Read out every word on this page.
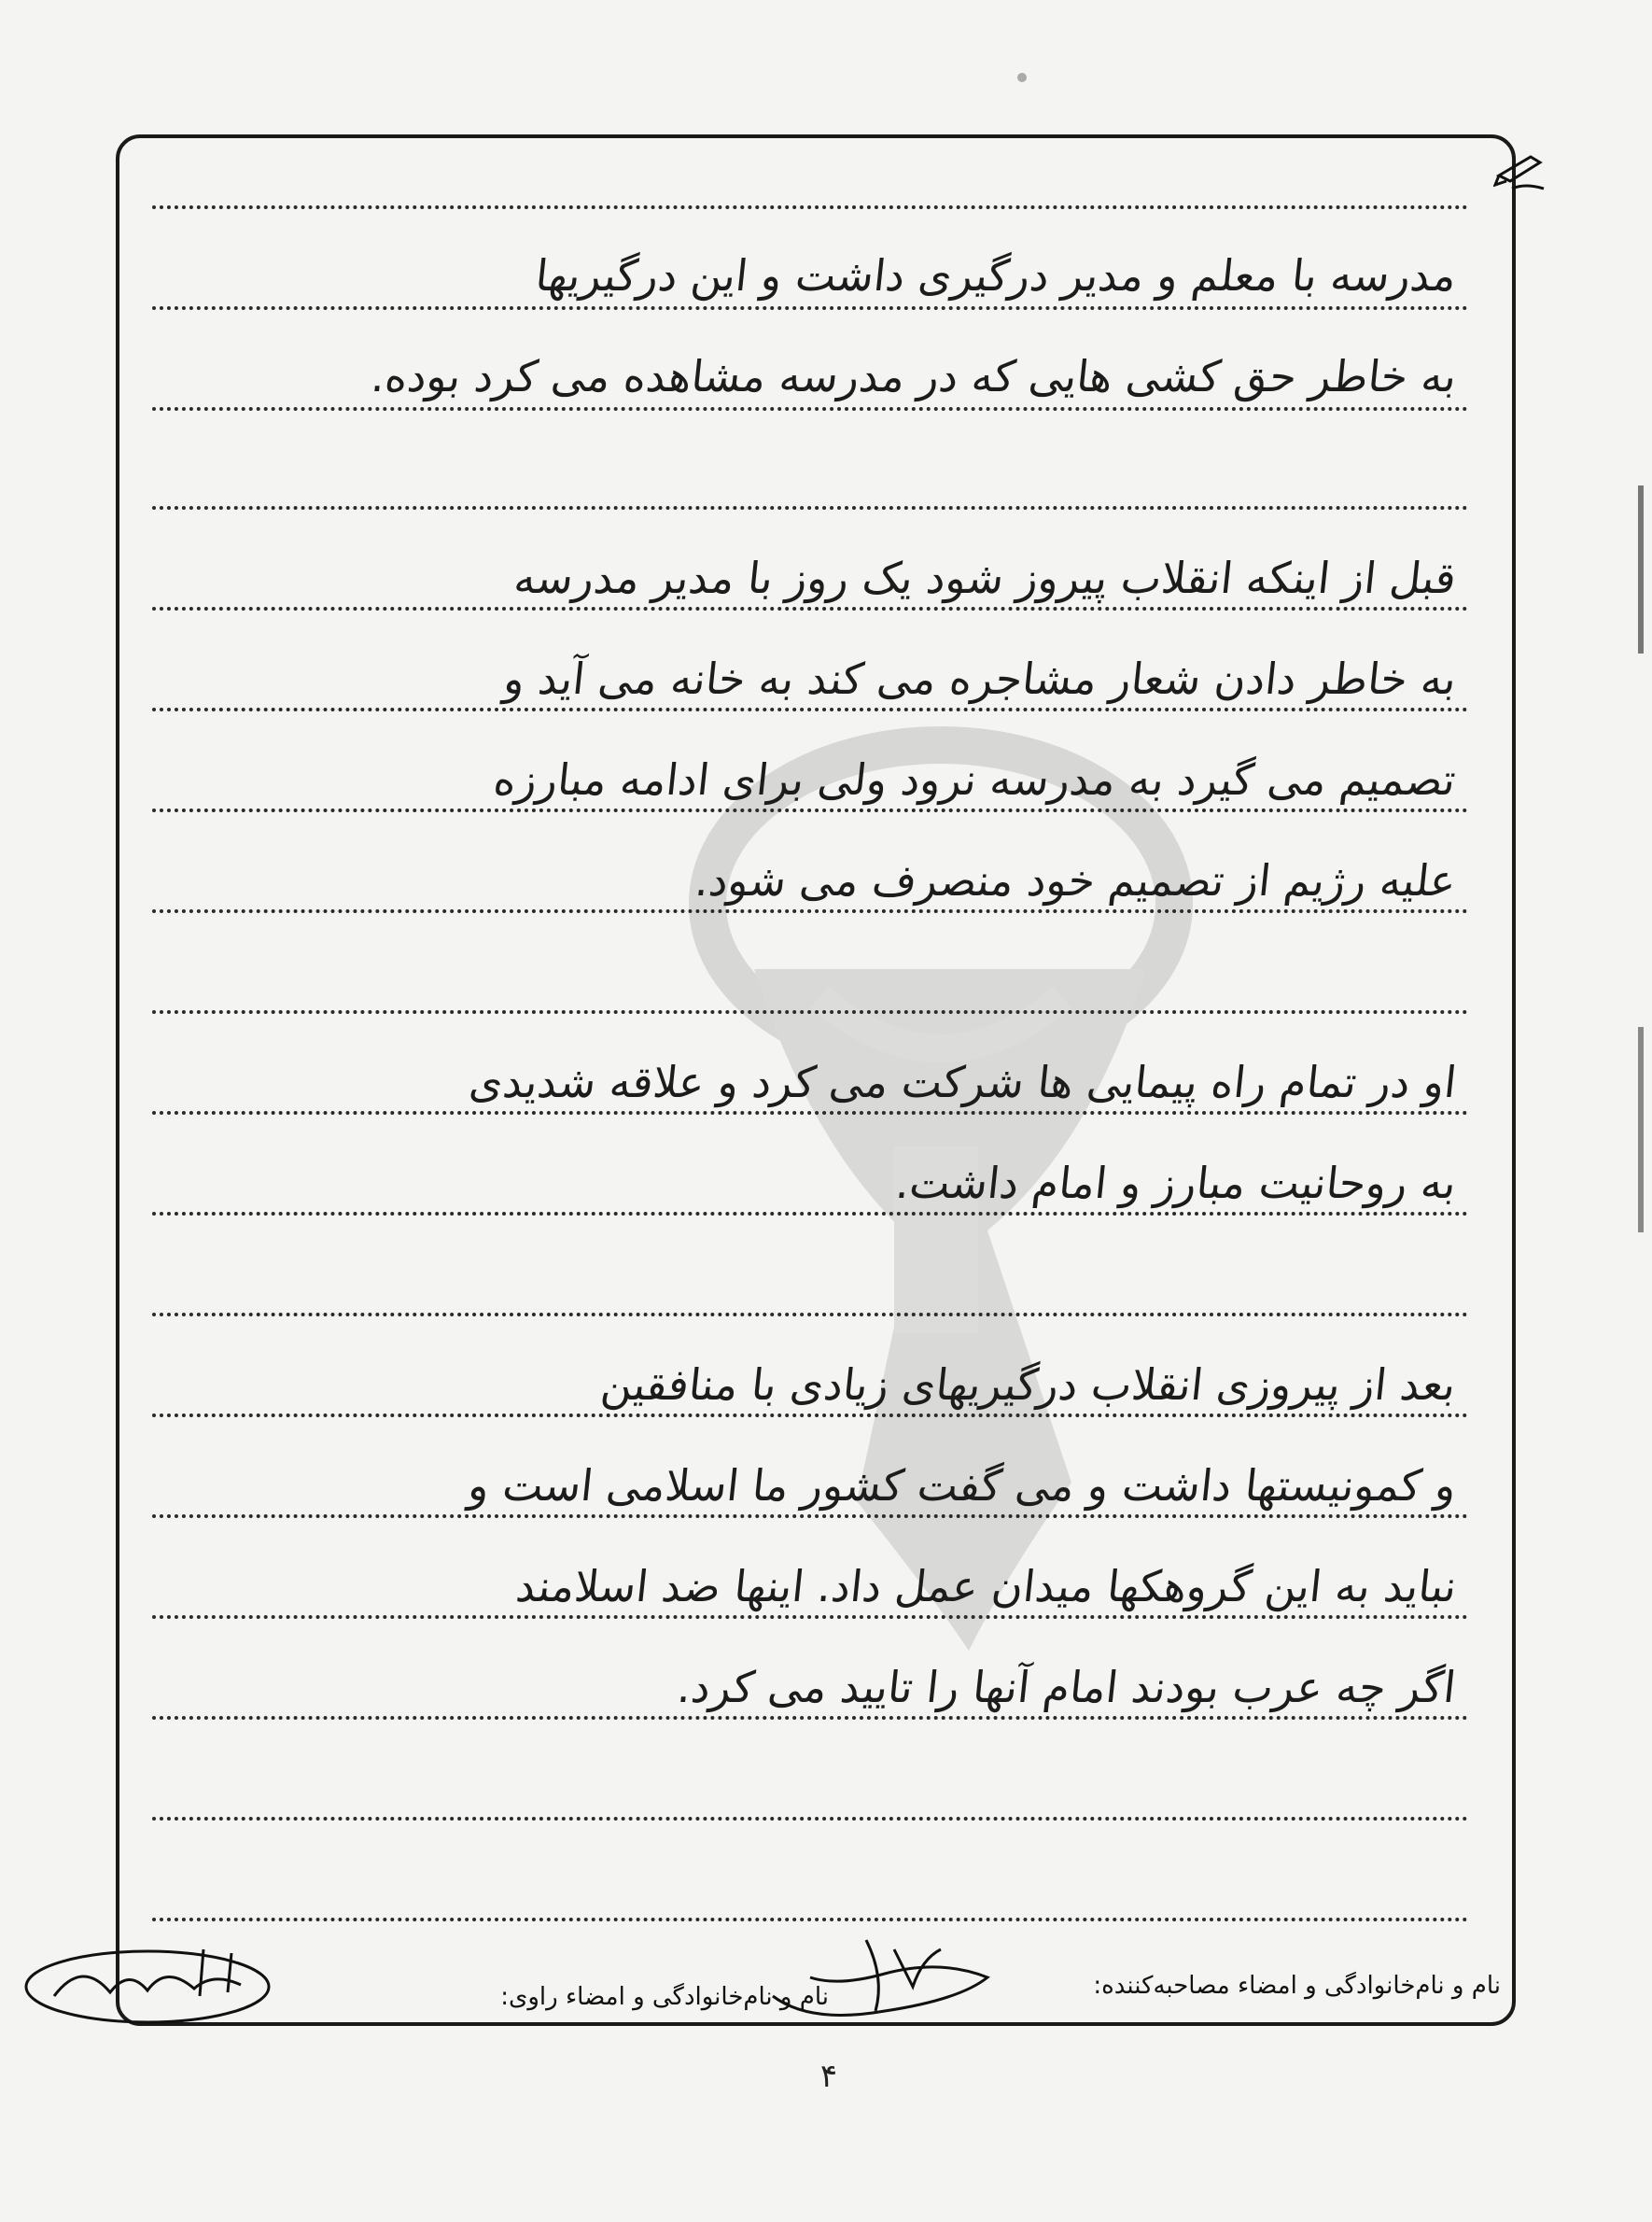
مدرسه با معلم و مدیر درگیری داشت و این درگیریها
به خاطر حق کشی هایی که در مدرسه مشاهده می کرد بوده.
قبل از اینکه انقلاب پیروز شود یک روز با مدیر مدرسه
به خاطر دادن شعار مشاجره می کند به خانه می آید و
تصمیم می گیرد به مدرسه نرود ولی برای ادامه مبارزه
علیه رژیم از تصمیم خود منصرف می شود.
او در تمام راه پیمایی ها شرکت می کرد و علاقه شدیدی
به روحانیت مبارز و امام داشت.
بعد از پیروزی انقلاب درگیریهای زیادی با منافقین
و کمونیستها داشت و می گفت کشور ما اسلامی است و
نباید به این گروهکها میدان عمل داد. اینها ضد اسلامند
اگر چه عرب بودند امام آنها را تایید می کرد.
نام و نام‌خانوادگی و امضاء مصاحبه‌کننده:
نام و نام‌خانوادگی و امضاء راوی:
۴
